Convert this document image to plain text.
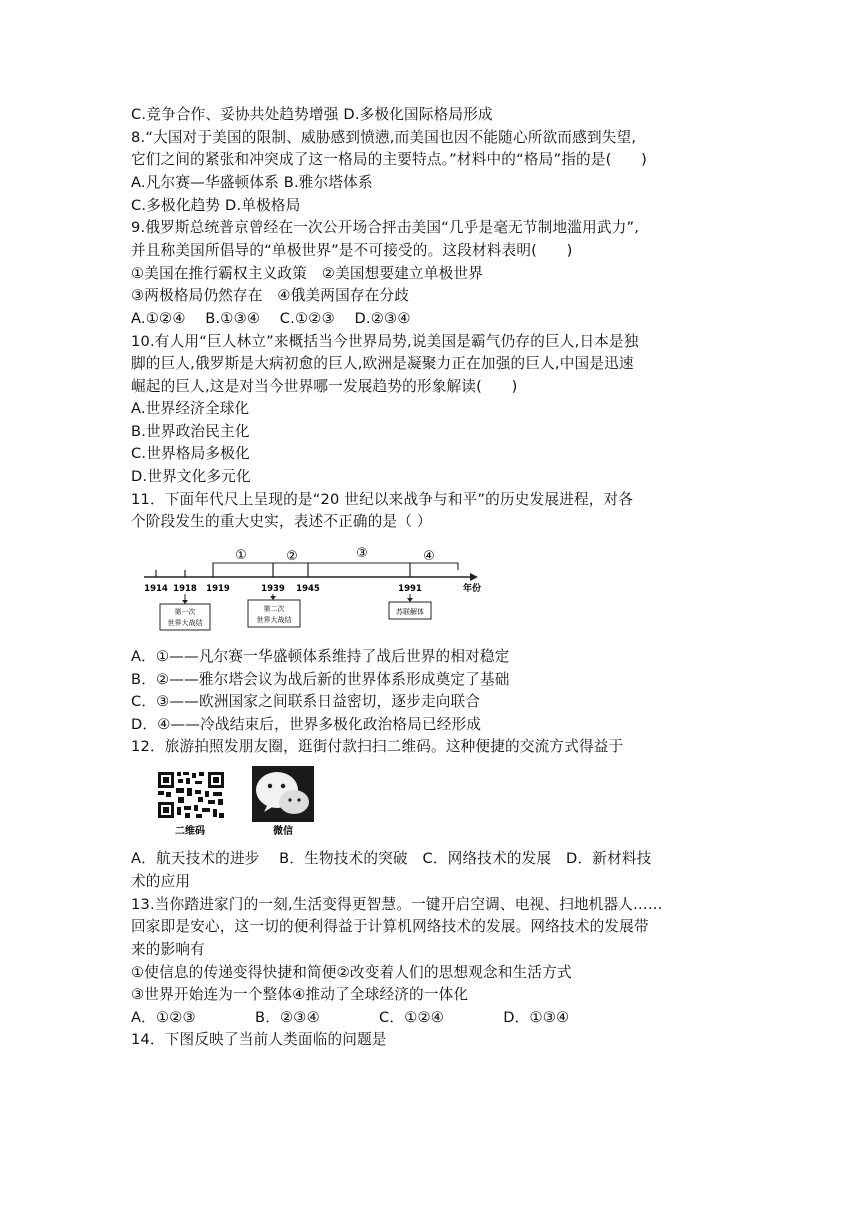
C.竞争合作、妥协共处趋势增强 D.多极化国际格局形成
8.“大国对于美国的限制、威胁感到愤懑,而美国也因不能随心所欲而感到失望,
它们之间的紧张和冲突成了这一格局的主要特点。”材料中的“格局”指的是(　　)
A.凡尔赛—华盛顿体系 B.雅尔塔体系
C.多极化趋势 D.单极格局
9.俄罗斯总统普京曾经在一次公开场合抨击美国“几乎是毫无节制地滥用武力”,
并且称美国所倡导的“单极世界”是不可接受的。这段材料表明(　　)
①美国在推行霸权主义政策　②美国想要建立单极世界
③两极格局仍然存在　④俄美两国存在分歧
A.①②④　 B.①③④　 C.①②③　 D.②③④
10.有人用“巨人林立”来概括当今世界局势,说美国是霸气仍存的巨人,日本是独
脚的巨人,俄罗斯是大病初愈的巨人,欧洲是凝聚力正在加强的巨人,中国是迅速
崛起的巨人,这是对当今世界哪一发展趋势的形象解读(　　)
A.世界经济全球化
B.世界政治民主化
C.世界格局多极化
D.世界文化多元化
11．下面年代尺上呈现的是“20 世纪以来战争与和平”的历史发展进程，对各
个阶段发生的重大史实，表述不正确的是（ ）
①	②	③	④
1914 1918 1919	1939 1945	1991	年份
第一次
世界大战结
第二次
世界大战结
苏联解体
A．①——凡尔赛一华盛顿体系维持了战后世界的相对稳定
B．②——雅尔塔会议为战后新的世界体系形成奠定了基础
C．③——欧洲国家之间联系日益密切，逐步走向联合
D．④——冷战结束后，世界多极化政治格局已经形成
12．旅游拍照发朋友圈，逛街付款扫扫二维码。这种便捷的交流方式得益于
二维码	微信
A．航天技术的进步　 B．生物技术的突破　C．网络技术的发展　D．新材料技
术的应用
13.当你踏进家门的一刻,生活变得更智慧。一键开启空调、电视、扫地机器人……
回家即是安心，这一切的便利得益于计算机网络技术的发展。网络技术的发展带
来的影响有
①使信息的传递变得快捷和简便②改变着人们的思想观念和生活方式
③世界开始连为一个整体④推动了全球经济的一体化
A．①②③　　　　B．②③④　　　　C．①②④　　　　D．①③④
14．下图反映了当前人类面临的问题是
